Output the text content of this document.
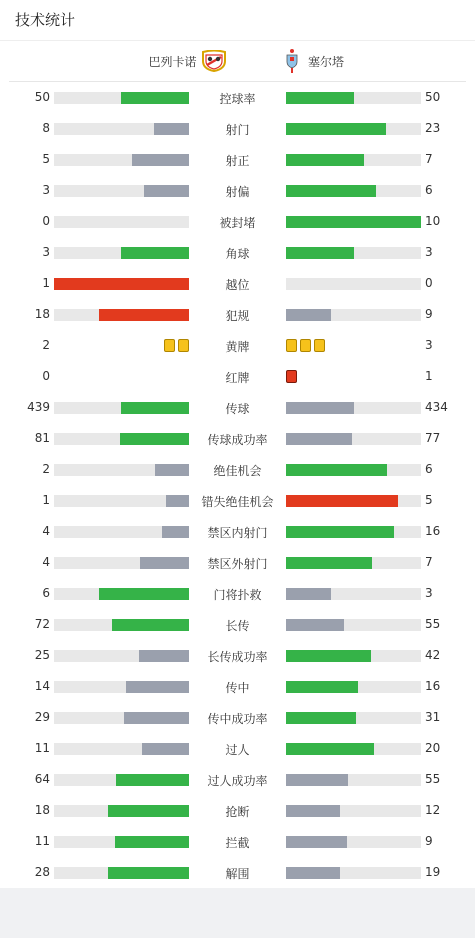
技术统计
巴列卡诺	塞尔塔
50	控球率	50
8	射门	23
5	射正	7
3	射偏	6
0	被封堵	10
3	角球	3
1	越位	0
18	犯规	9
2	黄牌	3
0	红牌	1
439	传球	434
81	传球成功率	77
2	绝佳机会	6
1	错失绝佳机会	5
4	禁区内射门	16
4	禁区外射门	7
6	门将扑救	3
72	长传	55
25	长传成功率	42
14	传中	16
29	传中成功率	31
11	过人	20
64	过人成功率	55
18	抢断	12
11	拦截	9
28	解围	19
